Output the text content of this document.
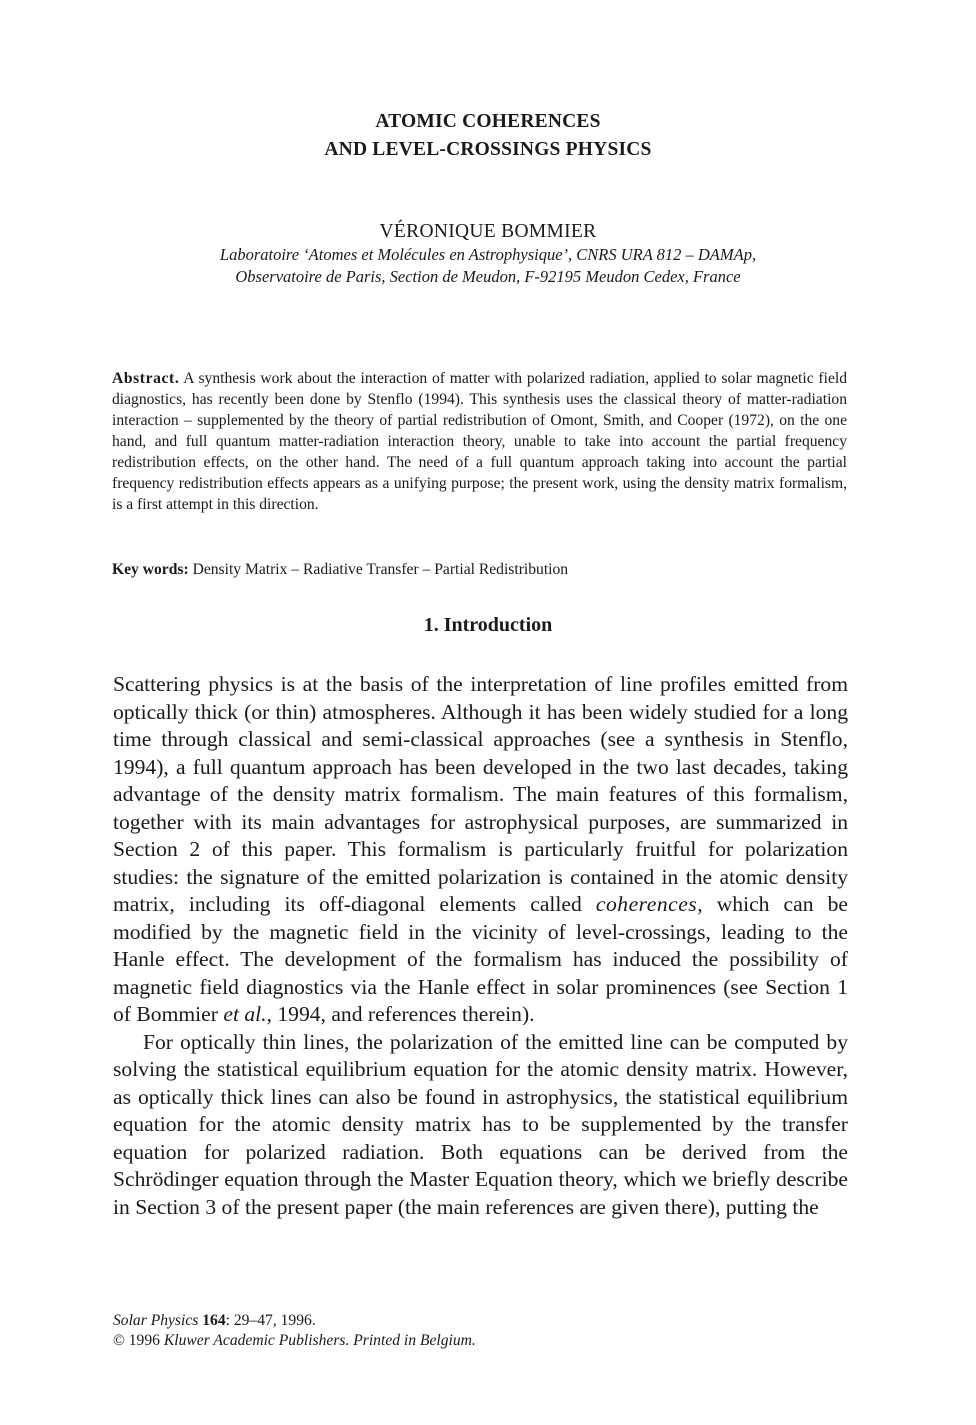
ATOMIC COHERENCES
AND LEVEL-CROSSINGS PHYSICS
VÉRONIQUE BOMMIER
Laboratoire ‘Atomes et Molécules en Astrophysique’, CNRS URA 812 – DAMAp,
Observatoire de Paris, Section de Meudon, F-92195 Meudon Cedex, France
Abstract. A synthesis work about the interaction of matter with polarized radiation, applied to solar magnetic field diagnostics, has recently been done by Stenflo (1994). This synthesis uses the classical theory of matter-radiation interaction – supplemented by the theory of partial redistribution of Omont, Smith, and Cooper (1972), on the one hand, and full quantum matter-radiation interaction theory, unable to take into account the partial frequency redistribution effects, on the other hand. The need of a full quantum approach taking into account the partial frequency redistribution effects appears as a unifying purpose; the present work, using the density matrix formalism, is a first attempt in this direction.
Key words: Density Matrix – Radiative Transfer – Partial Redistribution
1. Introduction

Scattering physics is at the basis of the interpretation of line profiles emitted from optically thick (or thin) atmospheres. Although it has been widely studied for a long time through classical and semi-classical approaches (see a synthesis in Stenflo, 1994), a full quantum approach has been developed in the two last decades, taking advantage of the density matrix formalism. The main features of this formalism, together with its main advantages for astrophysical purposes, are summarized in Section 2 of this paper. This formalism is particularly fruitful for polarization studies: the signature of the emitted polarization is contained in the atomic density matrix, including its off-diagonal elements called coherences, which can be modified by the magnetic field in the vicinity of level-crossings, leading to the Hanle effect. The development of the formalism has induced the possibility of magnetic field diagnostics via the Hanle effect in solar prominences (see Section 1 of Bommier et al., 1994, and references therein).

For optically thin lines, the polarization of the emitted line can be computed by solving the statistical equilibrium equation for the atomic density matrix. However, as optically thick lines can also be found in astrophysics, the statistical equilibrium equation for the atomic density matrix has to be supplemented by the transfer equation for polarized radiation. Both equations can be derived from the Schrödinger equation through the Master Equation theory, which we briefly describe in Section 3 of the present paper (the main references are given there), putting the

Solar Physics 164: 29–47, 1996.
© 1996 Kluwer Academic Publishers. Printed in Belgium.
